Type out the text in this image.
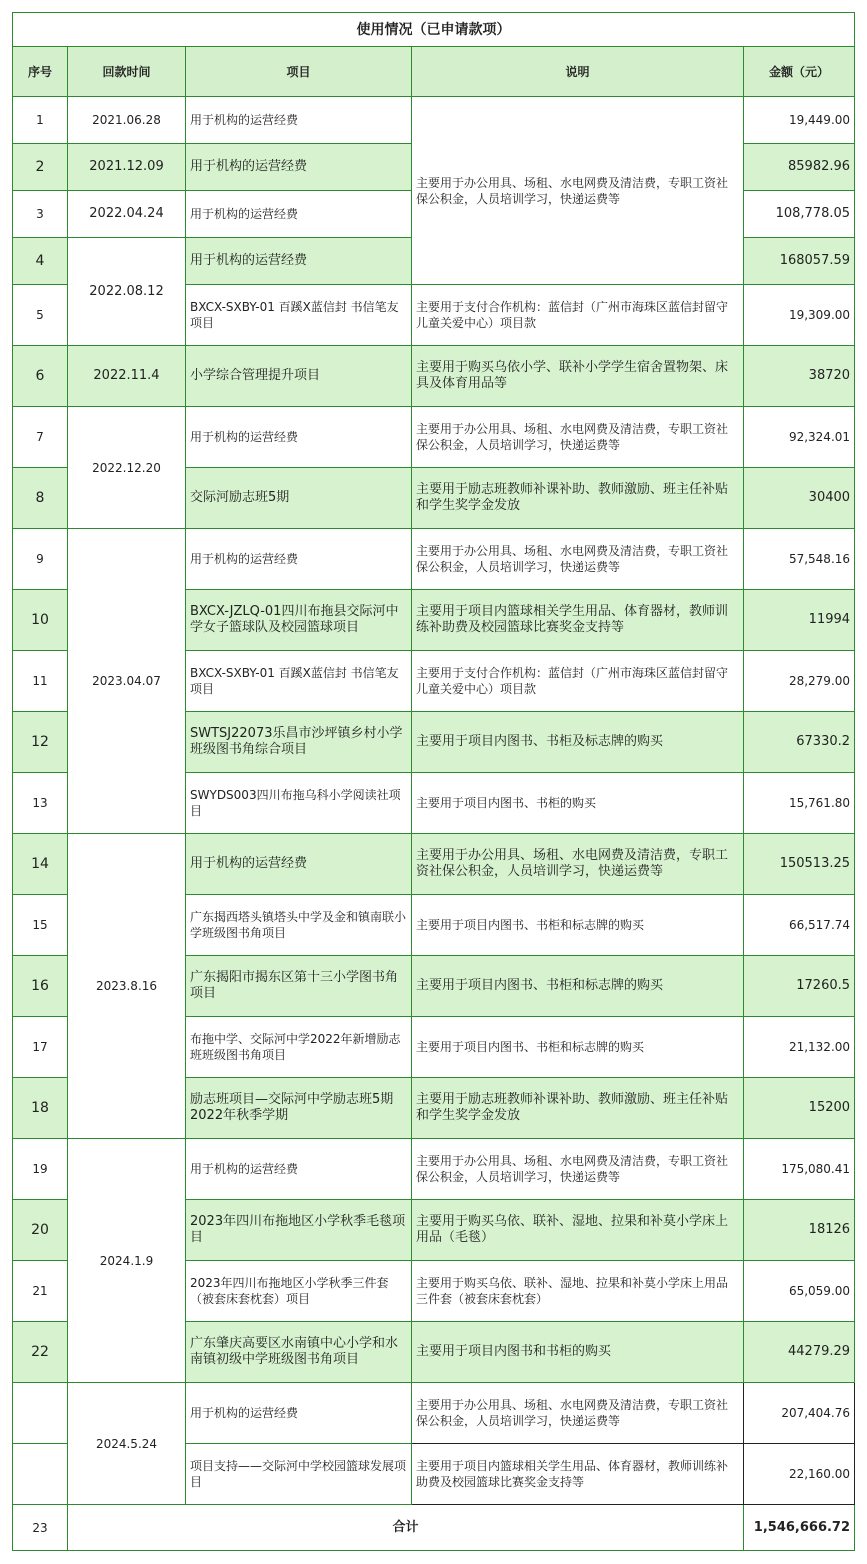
使用情况（已申请款项）				
序号	回款时间	项目	说明	金额（元）
1	2021.06.28	用于机构的运营经费	主要用于办公用具、场租、水电网费及清洁费，专职工资社保公积金，人员培训学习，快递运费等	19,449.00
2	2021.12.09	用于机构的运营经费		85982.96
3	2022.04.24	用于机构的运营经费		108,778.05
4	2022.08.12	用于机构的运营经费		168057.59
5		BXCX-SXBY-01 百蹊X蓝信封 书信笔友项目	主要用于支付合作机构：蓝信封（广州市海珠区蓝信封留守儿童关爱中心）项目款	19,309.00
6	2022.11.4	小学综合管理提升项目	主要用于购买乌依小学、联补小学学生宿舍置物架、床具及体育用品等	38720
7	2022.12.20	用于机构的运营经费	主要用于办公用具、场租、水电网费及清洁费，专职工资社保公积金，人员培训学习，快递运费等	92,324.01
8		交际河励志班5期	主要用于励志班教师补课补助、教师激励、班主任补贴和学生奖学金发放	30400
9	2023.04.07	用于机构的运营经费	主要用于办公用具、场租、水电网费及清洁费，专职工资社保公积金，人员培训学习，快递运费等	57,548.16
10		BXCX-JZLQ-01四川布拖县交际河中学女子篮球队及校园篮球项目	主要用于项目内篮球相关学生用品、体育器材，教师训练补助费及校园篮球比赛奖金支持等	11994
11		BXCX-SXBY-01 百蹊X蓝信封 书信笔友项目	主要用于支付合作机构：蓝信封（广州市海珠区蓝信封留守儿童关爱中心）项目款	28,279.00
12		SWTSJ22073乐昌市沙坪镇乡村小学班级图书角综合项目	主要用于项目内图书、书柜及标志牌的购买	67330.2
13		SWYDS003四川布拖乌科小学阅读社项目	主要用于项目内图书、书柜的购买	15,761.80
14	2023.8.16	用于机构的运营经费	主要用于办公用具、场租、水电网费及清洁费，专职工资社保公积金，人员培训学习，快递运费等	150513.25
15		广东揭西塔头镇塔头中学及金和镇南联小学班级图书角项目	主要用于项目内图书、书柜和标志牌的购买	66,517.74
16		广东揭阳市揭东区第十三小学图书角项目	主要用于项目内图书、书柜和标志牌的购买	17260.5
17		布拖中学、交际河中学2022年新增励志班班级图书角项目	主要用于项目内图书、书柜和标志牌的购买	21,132.00
18		励志班项目—交际河中学励志班5期2022年秋季学期	主要用于励志班教师补课补助、教师激励、班主任补贴和学生奖学金发放	15200
19	2024.1.9	用于机构的运营经费	主要用于办公用具、场租、水电网费及清洁费，专职工资社保公积金，人员培训学习，快递运费等	175,080.41
20		2023年四川布拖地区小学秋季毛毯项目	主要用于购买乌依、联补、湿地、拉果和补莫小学床上用品（毛毯）	18126
21		2023年四川布拖地区小学秋季三件套（被套床套枕套）项目	主要用于购买乌依、联补、湿地、拉果和补莫小学床上用品三件套（被套床套枕套）	65,059.00
22		广东肇庆高要区水南镇中心小学和水南镇初级中学班级图书角项目	主要用于项目内图书和书柜的购买	44279.29
	2024.5.24	用于机构的运营经费	主要用于办公用具、场租、水电网费及清洁费，专职工资社保公积金，人员培训学习，快递运费等	207,404.76
		项目支持——交际河中学校园篮球发展项目	主要用于项目内篮球相关学生用品、体育器材，教师训练补助费及校园篮球比赛奖金支持等	22,160.00
23	合计			1,546,666.72
